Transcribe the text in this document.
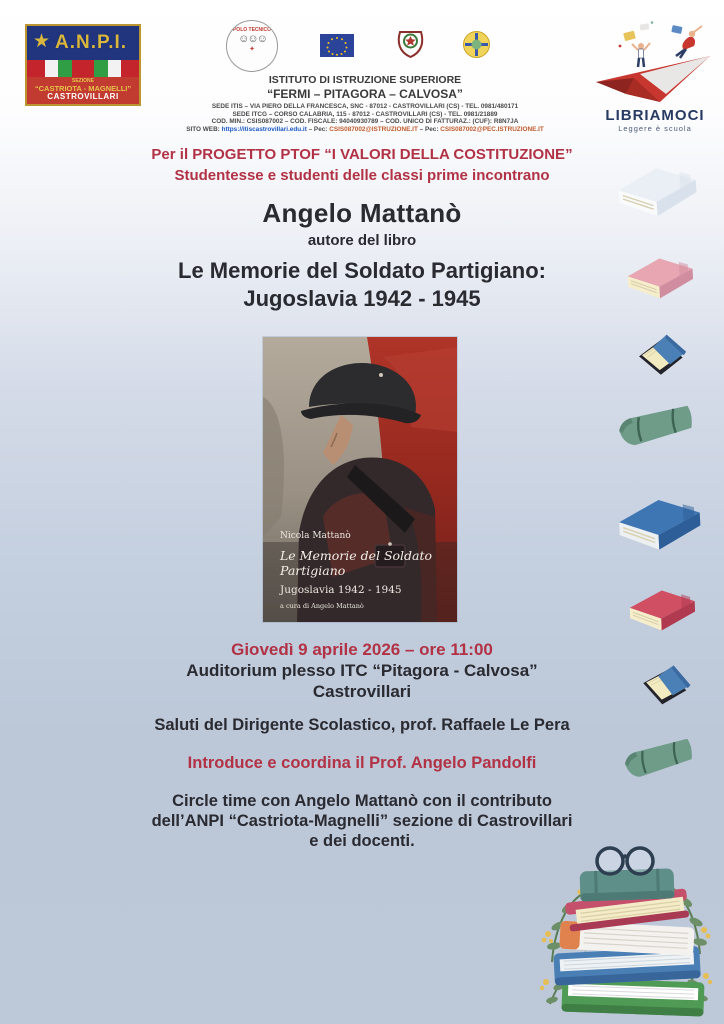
★ A.N.P.I.
SEZIONE
“CASTRIOTA - MAGNELLI”
CASTROVILLARI
POLO TECNICO
☺☺☺
✦
ISTITUTO DI ISTRUZIONE SUPERIORE
“FERMI – PITAGORA – CALVOSA”
SEDE ITIS – VIA PIERO DELLA FRANCESCA, SNC - 87012 - CASTROVILLARI (CS) - TEL. 0981/480171
SEDE ITCG – CORSO CALABRIA, 115 - 87012 - CASTROVILLARI (CS) - TEL. 0981/21889
COD. MIN.: CSIS087002 – COD. FISCALE: 94040930789 – COD. UNICO DI FATTURAZ.: (CUF): R8N7JA
SITO WEB: https://itiscastrovillari.edu.it – Pec: CSIS087002@ISTRUZIONE.IT – Pec: CSIS087002@PEC.ISTRUZIONE.IT
LIBRIAMOCI
Leggere è scuola
Per il PROGETTO PTOF “I VALORI DELLA COSTITUZIONE”
Studentesse e studenti delle classi prime incontrano
Angelo Mattanò
autore del libro
Le Memorie del Soldato Partigiano:
Jugoslavia 1942 - 1945
Nicola Mattanò
Le Memorie del Soldato Partigiano
Jugoslavia 1942 - 1945
a cura di Angelo Mattanò
Giovedì 9 aprile 2026 – ore 11:00
Auditorium plesso ITC “Pitagora - Calvosa”
Castrovillari
Saluti del Dirigente Scolastico, prof. Raffaele Le Pera
Introduce e coordina il Prof. Angelo Pandolfi
Circle time con Angelo Mattanò con il contributo
dell’ANPI “Castriota-Magnelli” sezione di Castrovillari
e dei docenti.
